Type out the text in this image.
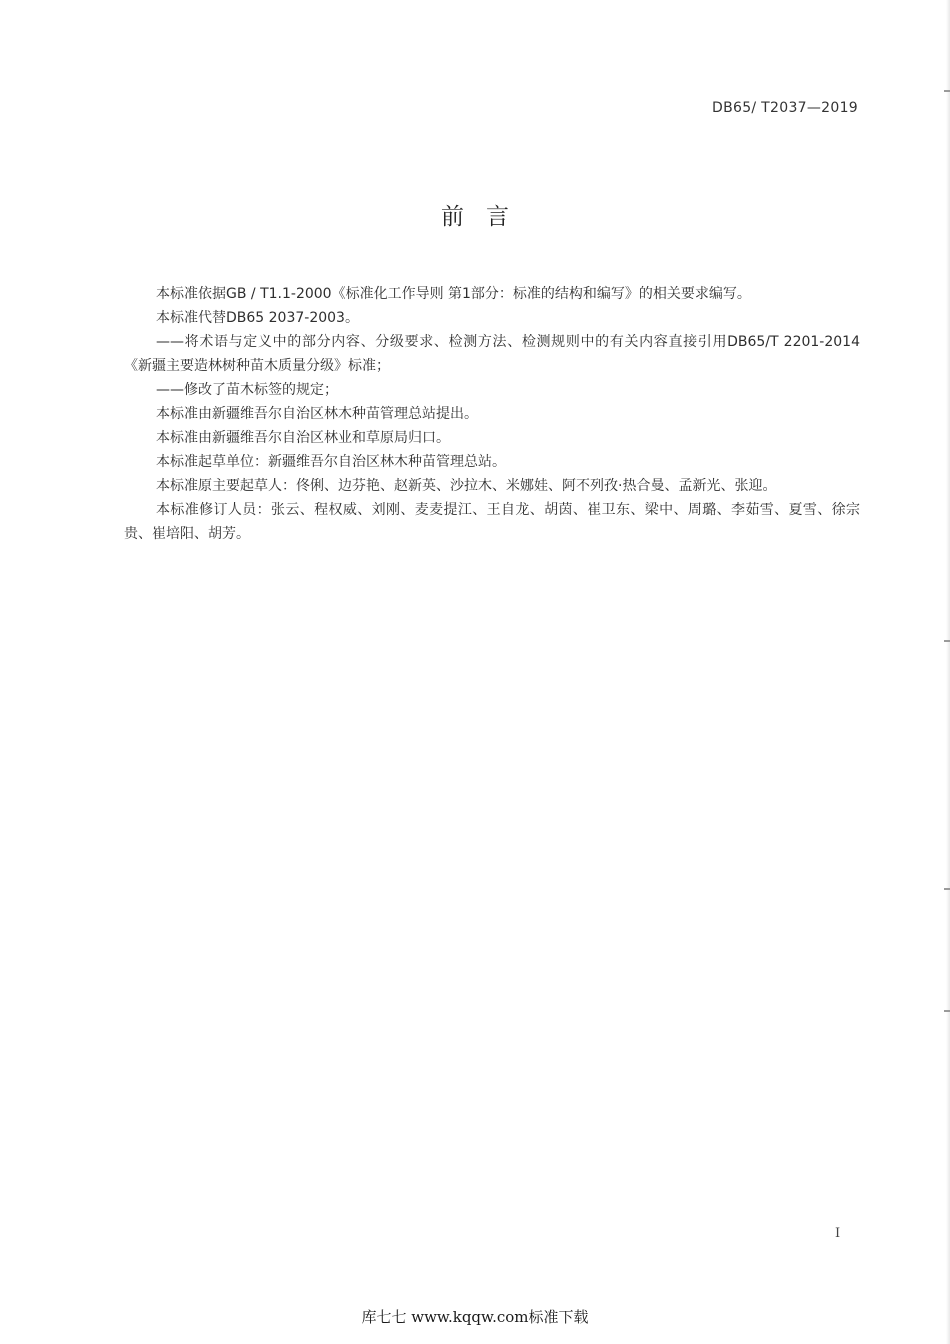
DB65/ T2037—2019
前言

本标准依据GB / T1.1-2000《标准化工作导则 第1部分：标准的结构和编写》的相关要求编写。

本标准代替DB65 2037-2003。

——将术语与定义中的部分内容、分级要求、检测方法、检测规则中的有关内容直接引用DB65/T 2201-2014《新疆主要造林树种苗木质量分级》标准；

——修改了苗木标签的规定；

本标准由新疆维吾尔自治区林木种苗管理总站提出。

本标准由新疆维吾尔自治区林业和草原局归口。

本标准起草单位：新疆维吾尔自治区林木种苗管理总站。

本标准原主要起草人：佟俐、边芬艳、赵新英、沙拉木、米娜娃、阿不列孜·热合曼、孟新光、张迎。

本标准修订人员：张云、程权威、刘刚、麦麦提江、王自龙、胡茵、崔卫东、梁中、周璐、李茹雪、夏雪、徐宗贵、崔培阳、胡芳。

I
库七七 www.kqqw.com标准下载
